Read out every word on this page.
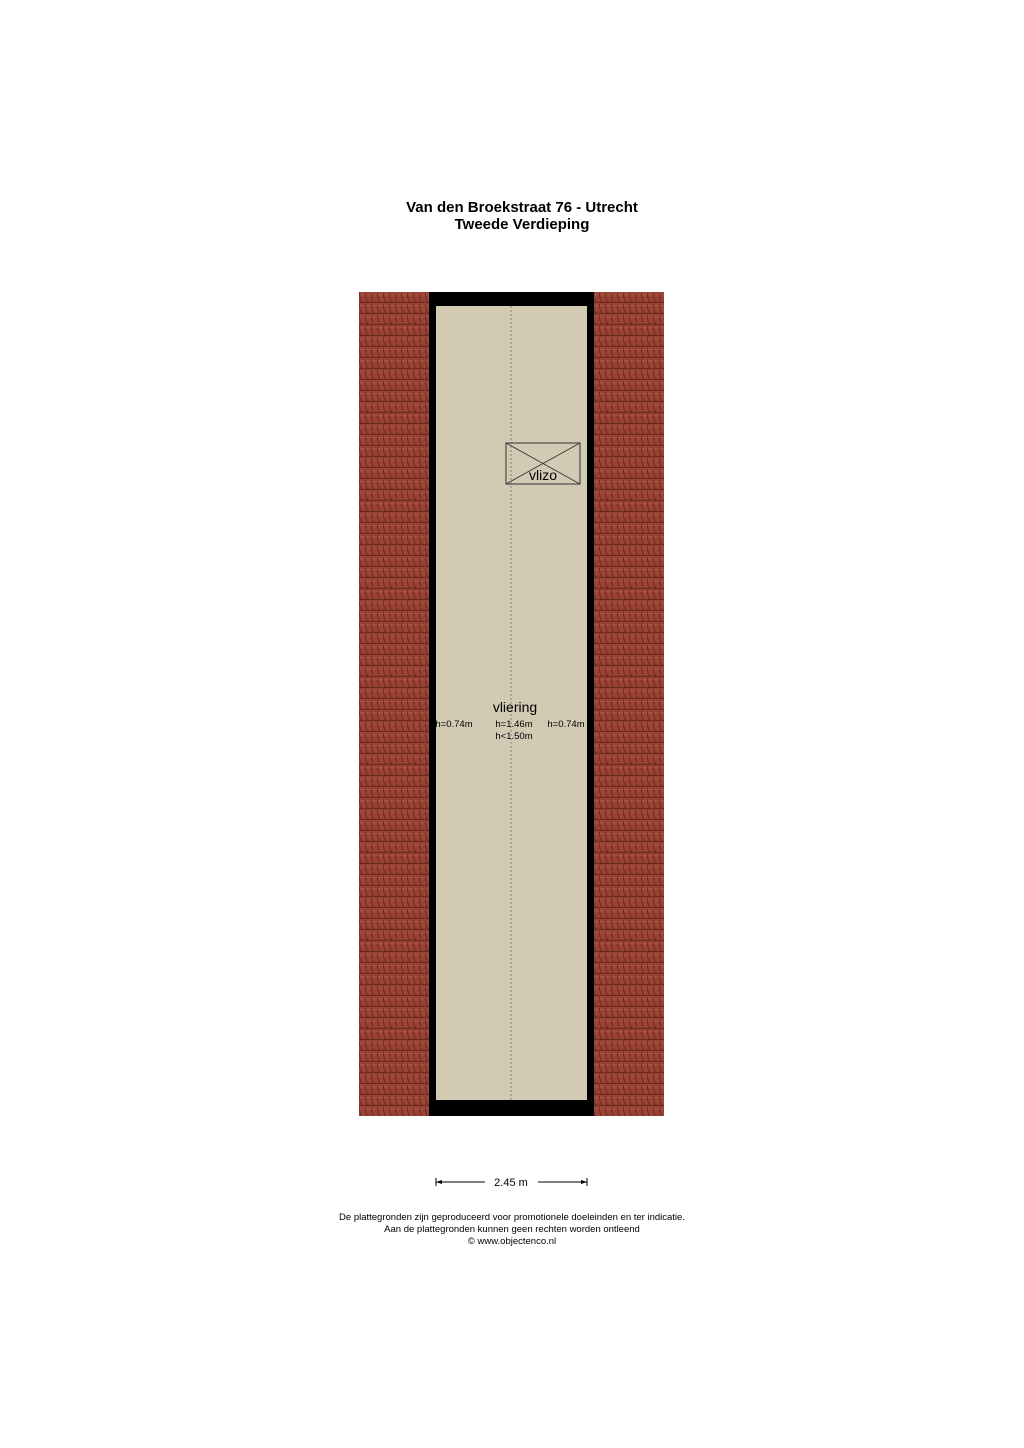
Van den Broekstraat 76 - Utrecht
Tweede Verdieping
vlizo
vliering
h=0.74m h=1.46m
h<1.50m
h=0.74m
2.45 m
De plattegronden zijn geproduceerd voor promotionele doeleinden en ter indicatie.
Aan de plattegronden kunnen geen rechten worden ontleend
© www.objectenco.nl
